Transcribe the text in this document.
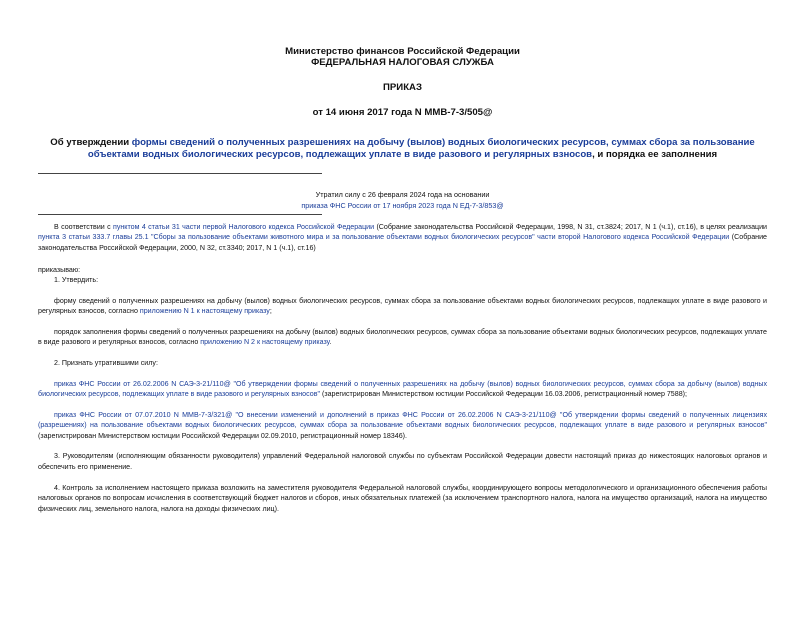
Министерство финансов Российской Федерации
ФЕДЕРАЛЬНАЯ НАЛОГОВАЯ СЛУЖБА
ПРИКАЗ
от 14 июня 2017 года N ММВ-7-3/505@
Об утверждении формы сведений о полученных разрешениях на добычу (вылов) водных биологических ресурсов, суммах сбора за пользование объектами водных биологических ресурсов, подлежащих уплате в виде разового и регулярных взносов, и порядка ее заполнения
Утратил силу с 26 февраля 2024 года на основании
приказа ФНС России от 17 ноября 2023 года N ЕД-7-3/853@
В соответствии с пунктом 4 статьи 31 части первой Налогового кодекса Российской Федерации (Собрание законодательства Российской Федерации, 1998, N 31, ст.3824; 2017, N 1 (ч.1), ст.16), в целях реализации пункта 3 статьи 333.7 главы 25.1 "Сборы за пользование объектами животного мира и за пользование объектами водных биологических ресурсов" части второй Налогового кодекса Российской Федерации (Собрание законодательства Российской Федерации, 2000, N 32, ст.3340; 2017, N 1 (ч.1), ст.16)
приказываю:
1. Утвердить:
форму сведений о полученных разрешениях на добычу (вылов) водных биологических ресурсов, суммах сбора за пользование объектами водных биологических ресурсов, подлежащих уплате в виде разового и регулярных взносов, согласно приложению N 1 к настоящему приказу;
порядок заполнения формы сведений о полученных разрешениях на добычу (вылов) водных биологических ресурсов, суммах сбора за пользование объектами водных биологических ресурсов, подлежащих уплате в виде разового и регулярных взносов, согласно приложению N 2 к настоящему приказу.
2. Признать утратившими силу:
приказ ФНС России от 26.02.2006 N САЭ-3-21/110@ "Об утверждении формы сведений о полученных разрешениях на добычу (вылов) водных биологических ресурсов, суммах сбора за добычу (вылов) водных биологических ресурсов, подлежащих уплате в виде разового и регулярных взносов" (зарегистрирован Министерством юстиции Российской Федерации 16.03.2006, регистрационный номер 7588);
приказ ФНС России от 07.07.2010 N ММВ-7-3/321@ "О внесении изменений и дополнений в приказ ФНС России от 26.02.2006 N САЭ-3-21/110@ "Об утверждении формы сведений о полученных лицензиях (разрешениях) на пользование объектами водных биологических ресурсов, суммах сбора за пользование объектами водных биологических ресурсов, подлежащих уплате в виде разового и регулярных взносов" (зарегистрирован Министерством юстиции Российской Федерации 02.09.2010, регистрационный номер 18346).
3. Руководителям (исполняющим обязанности руководителя) управлений Федеральной налоговой службы по субъектам Российской Федерации довести настоящий приказ до нижестоящих налоговых органов и обеспечить его применение.
4. Контроль за исполнением настоящего приказа возложить на заместителя руководителя Федеральной налоговой службы, координирующего вопросы методологического и организационного обеспечения работы налоговых органов по вопросам исчисления в соответствующий бюджет налогов и сборов, иных обязательных платежей (за исключением транспортного налога, налога на имущество организаций, налога на имущество физических лиц, земельного налога, налога на доходы физических лиц).
